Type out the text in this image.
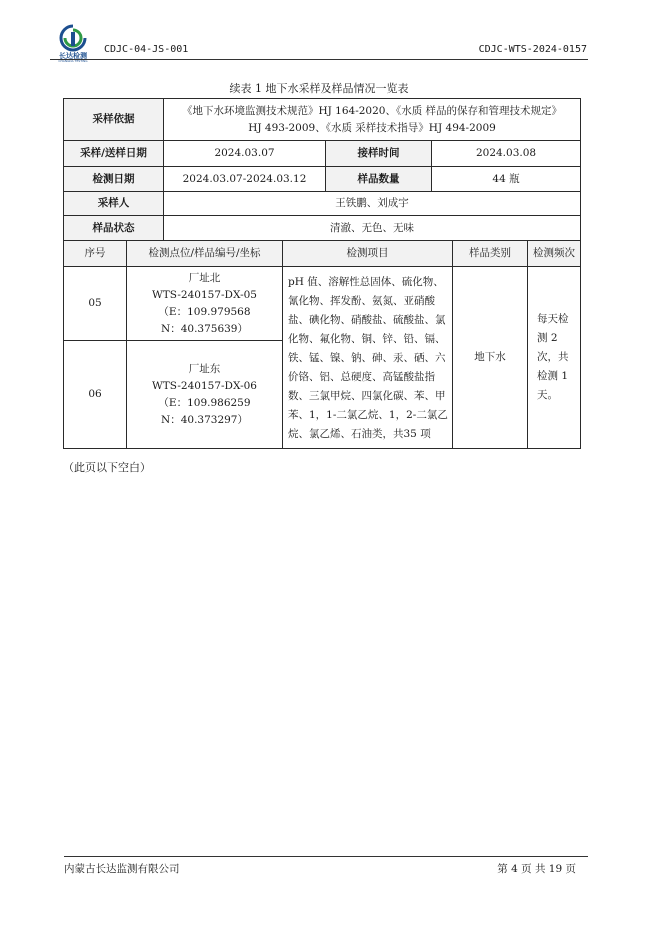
长达检测
CHANGDA TESTING
CDJC-04-JS-001	CDJC-WTS-2024-0157
续表 1 地下水采样及样品情况一览表
采样依据	《地下水环境监测技术规范》HJ 164-2020、《水质 样品的保存和管理技术规定》
HJ 493-2009、《水质 采样技术指导》HJ 494-2009		

采样/送样日期	2024.03.07	接样时间	2024.03.08
检测日期	2024.03.07-2024.03.12	样品数量	44 瓶
采样人	王铁鹏、刘成宇		
样品状态	清澈、无色、无味		
序号	检测点位/样品编号/坐标	检测项目	样品类别	检测频次
05	厂址北
WTS-240157-DX-05
（E：109.979568
N：40.375639）	pH 值、溶解性总固体、硫化物、氰化物、挥发酚、氨氮、亚硝酸盐、碘化物、硝酸盐、硫酸盐、氯化物、氟化物、铜、锌、铅、镉、铁、锰、镍、钠、砷、汞、硒、六价铬、铝、总硬度、高锰酸盐指数、三氯甲烷、四氯化碳、苯、甲苯、1，1-二氯乙烷、1，2-二氯乙烷、氯乙烯、石油类，共35 项	地下水	每天检测 2 次，共检测 1 天。
06	厂址东
WTS-240157-DX-06
（E：109.986259
N：40.373297）			
（此页以下空白）
内蒙古长达监测有限公司	第 4 页 共 19 页
